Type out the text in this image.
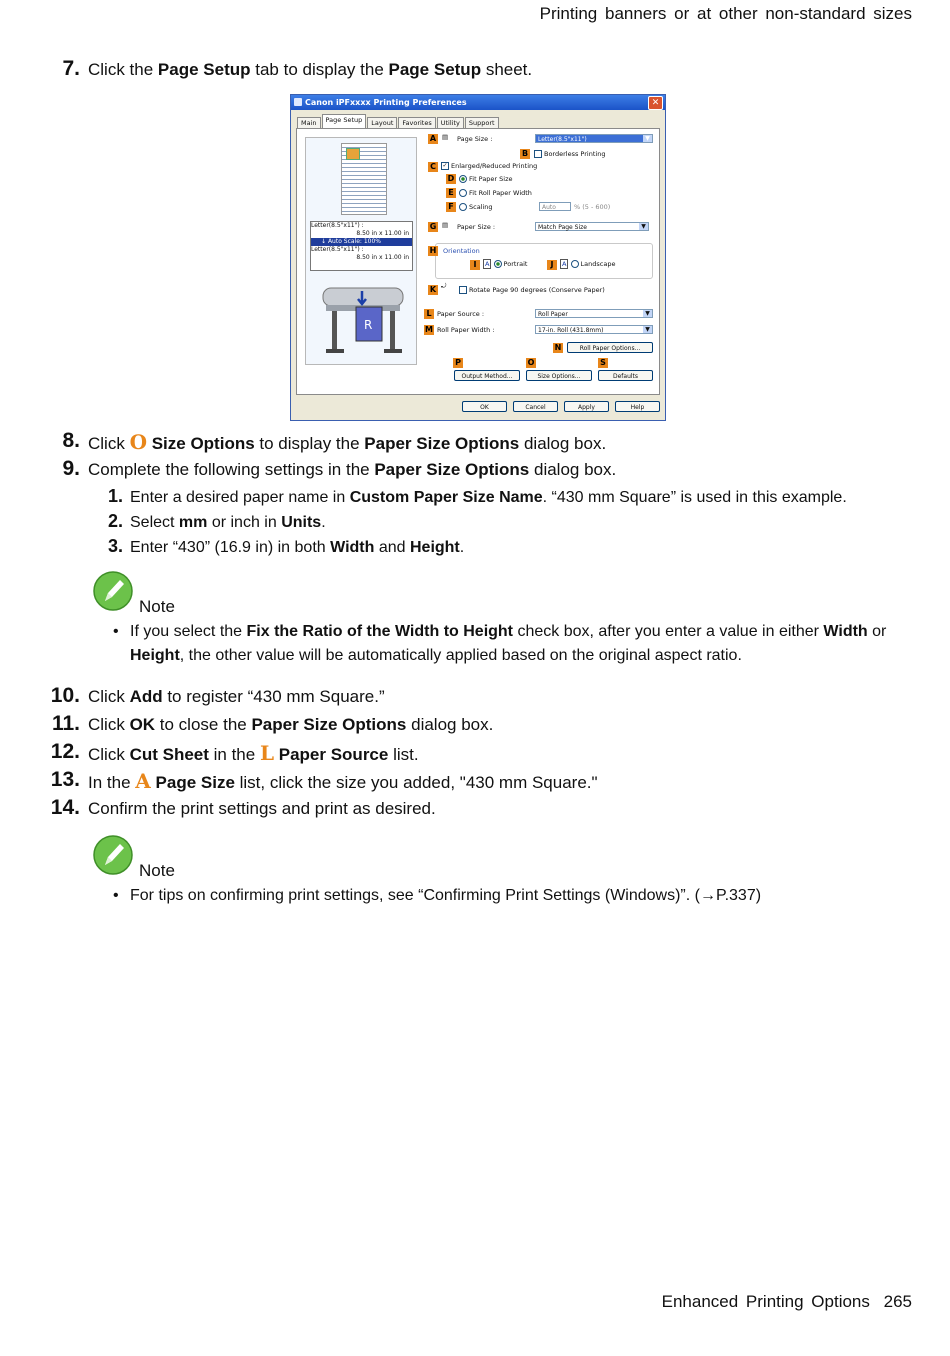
Printing banners or at other non-standard sizes
7. Click the Page Setup tab to display the Page Setup sheet.
Canon iPFxxxx Printing Preferences	✕
Main	Page Setup	Layout	Favorites	Utility	Support
Letter(8.5"x11") :
8.50 in x 11.00 in
↓ Auto Scale: 100%
Letter(8.5"x11") :
8.50 in x 11.00 in
R
A ▤ Page Size :	Letter(8.5"x11")	▼
B	Borderless Printing
C	✓ Enlarged/Reduced Printing
D	Fit Paper Size
E	Fit Roll Paper Width
F	Scaling	Auto	% (5 - 600)
G ▤ Paper Size :	Match Page Size	▼
H Orientation
I	A Portrait	J	A Landscape
K ⤾	Rotate Page 90 degrees (Conserve Paper)
L Paper Source :	Roll Paper	▼
M Roll Paper Width :	17-in. Roll (431.8mm)	▼
N	Roll Paper Options...
P	O	S
Output Method...	Size Options...	Defaults
OK	Cancel	Apply	Help
8. Click O Size Options to display the Paper Size Options dialog box.
9. Complete the following settings in the Paper Size Options dialog box.
1. Enter a desired paper name in Custom Paper Size Name. “430 mm Square” is used in this example.
2. Select mm or inch in Units.
3. Enter “430” (16.9 in) in both Width and Height.
Note
• If you select the Fix the Ratio of the Width to Height check box, after you enter a value in either Width or Height, the other value will be automatically applied based on the original aspect ratio.
10. Click Add to register “430 mm Square.”
11. Click OK to close the Paper Size Options dialog box.
12. Click Cut Sheet in the L Paper Source list.
13. In the A Page Size list, click the size you added, "430 mm Square."
14. Confirm the print settings and print as desired.
Note
• For tips on confirming print settings, see “Confirming Print Settings (Windows)”. (→P.337)
Enhanced Printing Options 265
